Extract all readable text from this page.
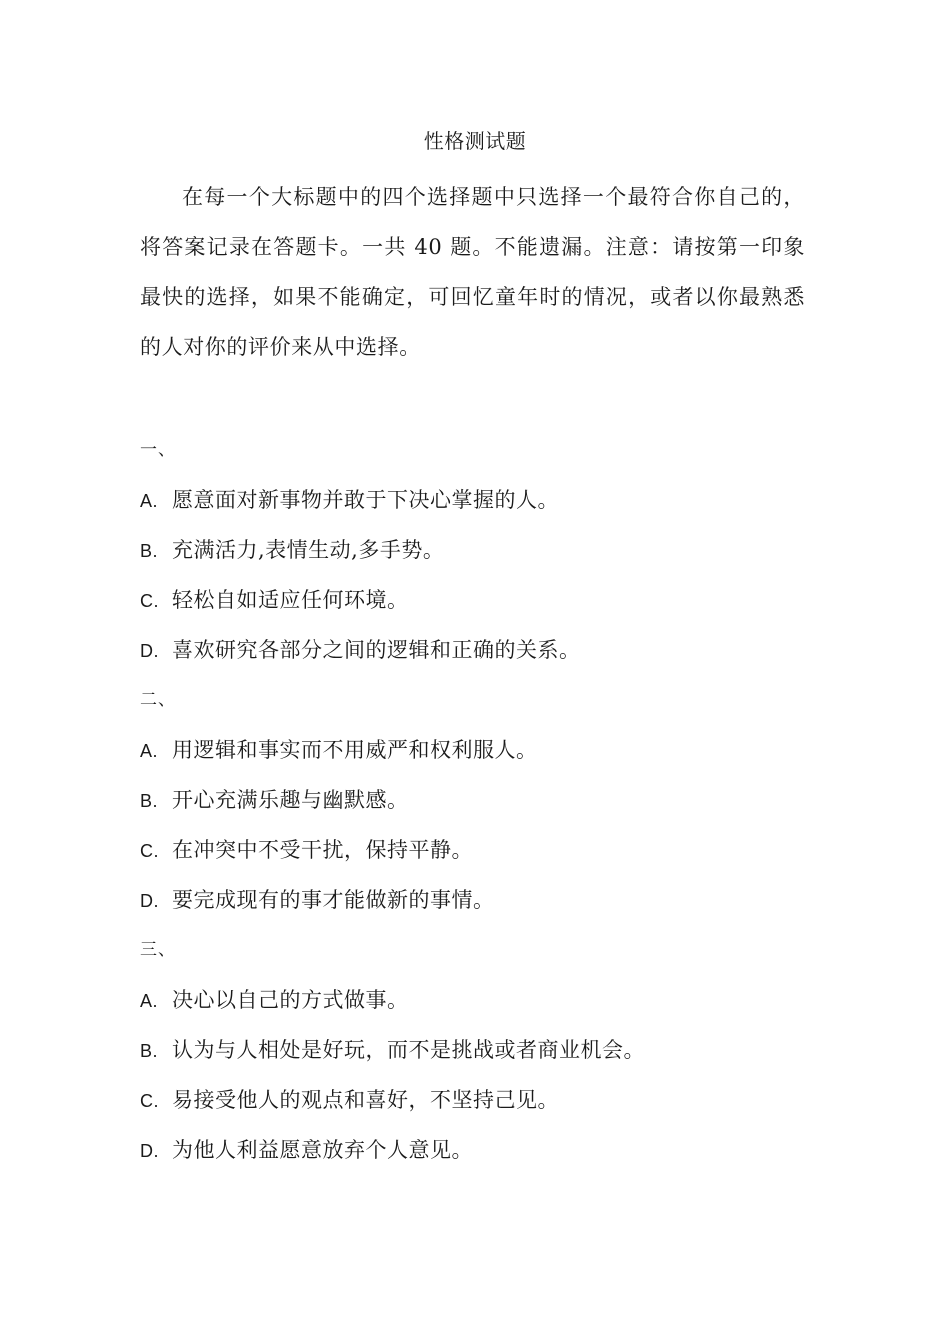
性格测试题

在每一个大标题中的四个选择题中只选择一个最符合你自己的，将答案记录在答题卡。一共 40 题。不能遗漏。注意：请按第一印象最快的选择，如果不能确定，可回忆童年时的情况，或者以你最熟悉的人对你的评价来从中选择。

一、
A. 愿意面对新事物并敢于下决心掌握的人。
B. 充满活力,表情生动,多手势。
C. 轻松自如适应任何环境。
D. 喜欢研究各部分之间的逻辑和正确的关系。
二、
A. 用逻辑和事实而不用威严和权利服人。
B. 开心充满乐趣与幽默感。
C. 在冲突中不受干扰，保持平静。
D. 要完成现有的事才能做新的事情。
三、
A. 决心以自己的方式做事。
B. 认为与人相处是好玩，而不是挑战或者商业机会。
C. 易接受他人的观点和喜好，不坚持己见。
D. 为他人利益愿意放弃个人意见。
